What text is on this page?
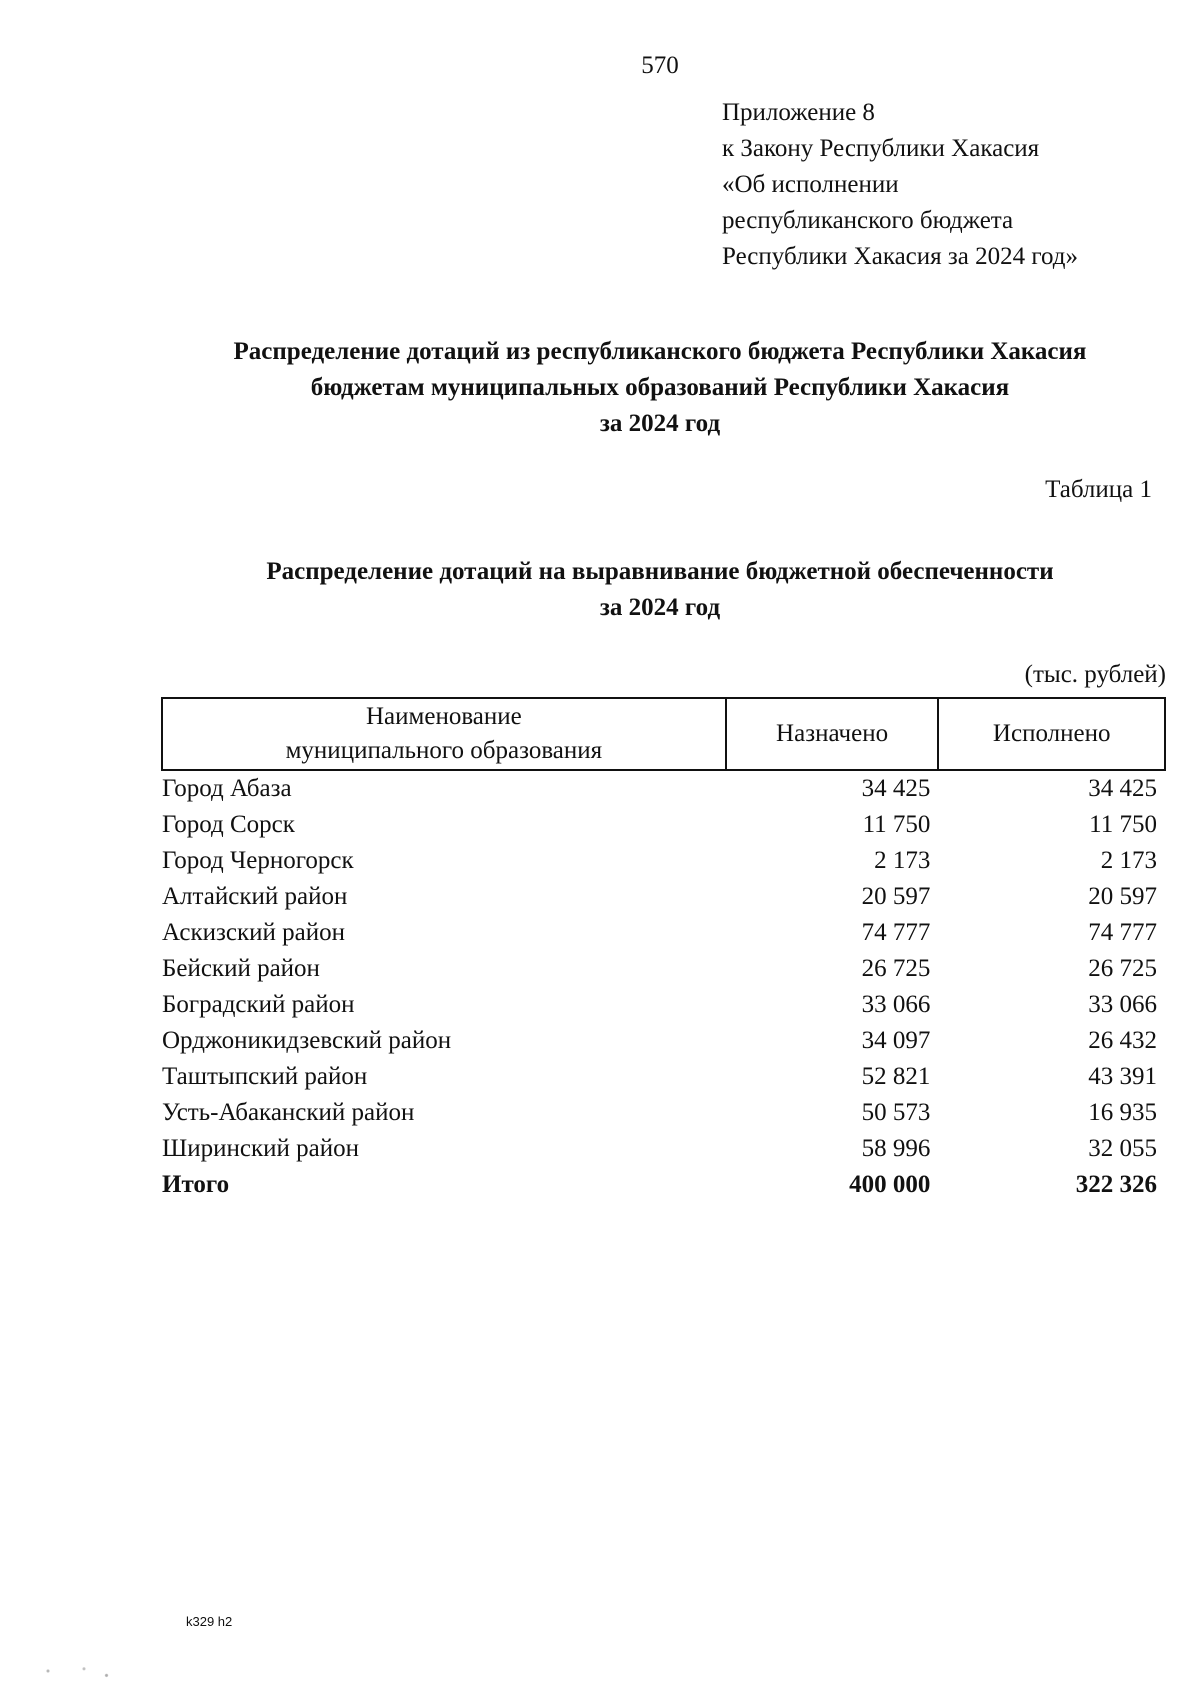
570
Приложение 8
к Закону Республики Хакасия
«Об исполнении
республиканского бюджета
Республики Хакасия за 2024 год»
Распределение дотаций из республиканского бюджета Республики Хакасия
бюджетам муниципальных образований Республики Хакасия
за 2024 год
Таблица 1
Распределение дотаций на выравнивание бюджетной обеспеченности
за 2024 год
(тыс. рублей)
Наименование
муниципального образования	Назначено	Исполнено
Город Абаза	34 425	34 425
Город Сорск	11 750	11 750
Город Черногорск	2 173	2 173
Алтайский район	20 597	20 597
Аскизский район	74 777	74 777
Бейский район	26 725	26 725
Боградский район	33 066	33 066
Орджоникидзевский район	34 097	26 432
Таштыпский район	52 821	43 391
Усть-Абаканский район	50 573	16 935
Ширинский район	58 996	32 055
Итого	400 000	322 326
k329 h2
